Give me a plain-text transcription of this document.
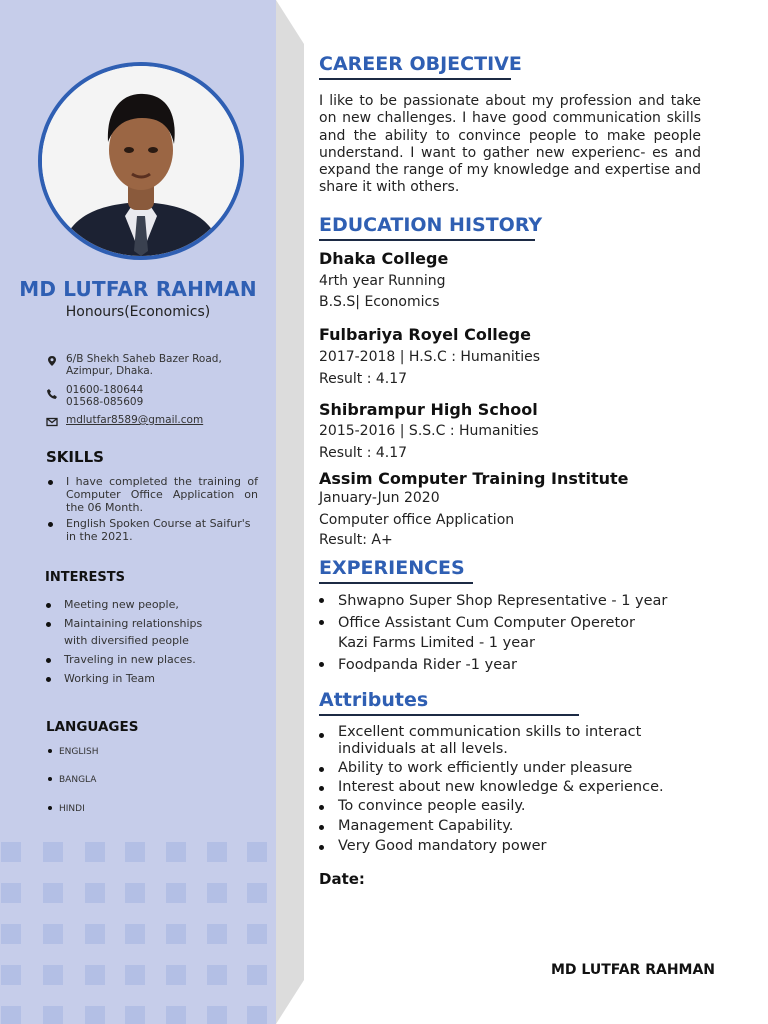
MD LUTFAR RAHMAN
Honours(Economics)
6/B Shekh Saheb Bazer Road,
Azimpur, Dhaka.
01600-180644
01568-085609
mdlutfar8589@gmail.com
SKILLS
I have completed the training of Computer Office Application on the 06 Month.
English Spoken Course at Saifur's in the 2021.
INTERESTS
Meeting new people,
Maintaining relationships
with diversified people
Traveling in new places.
Working in Team
LANGUAGES
ENGLISH
BANGLA
HINDI
CAREER OBJECTIVE
I like to be passionate about my profession and take on new challenges. I have good communication skills and the ability to convince people to make people understand. I want to gather new experienc- es and expand the range of my knowledge and expertise and share it with others.
EDUCATION HISTORY
Dhaka College
4rth year Running
B.S.S| Economics
Fulbariya Royel College
2017-2018 | H.S.C : Humanities
Result : 4.17
Shibrampur High School
2015-2016 | S.S.C : Humanities
Result : 4.17
Assim Computer Training Institute
January-Jun 2020
Computer office Application
Result: A+
EXPERIENCES
Shwapno Super Shop Representative - 1 year
Office Assistant Cum Computer Operetor
Kazi Farms Limited - 1 year
Foodpanda Rider -1 year
Attributes
Excellent communication skills to interact
individuals at all levels.
Ability to work efficiently under pleasure
Interest about new knowledge & experience.
To convince people easily.
Management Capability.
Very Good mandatory power
Date:
MD LUTFAR RAHMAN
